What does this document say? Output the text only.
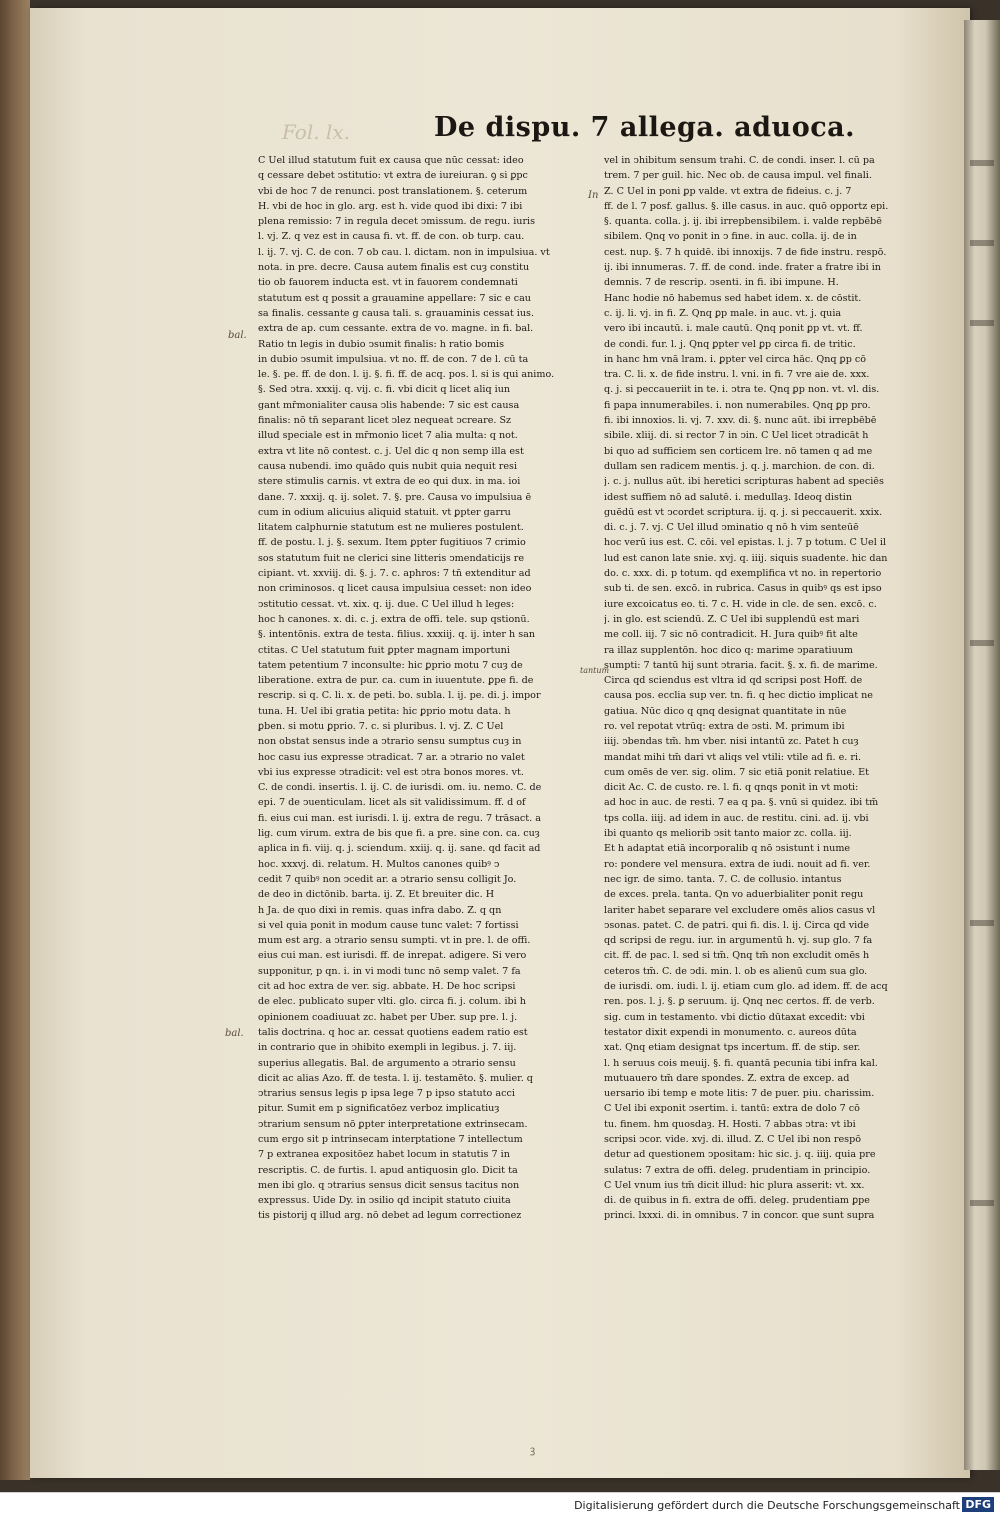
Fol. lx.	De dispu. 7 allega. aduoca.
bal.
In
bal.
tantum
C Uel illud statutum fuit ex causa que nūc cessat: ideo
q cessare debet ↄstitutio: vt extra de iureiuran. ꝯ si ꝑpc
vbi de hoc 7 de renunci. post translationem. §. ceterum
H. vbi de hoc in glo. arg. est h. vide quod ibi dixi: 7 ibi
plena remissio: 7 in regula decet ↄmissum. de regu. iuris
l. vj. Z. q vez est in causa fi. vt. ff. de con. ob turp. cau.
l. ij. 7. vj. C. de con. 7 ob cau. l. dictam. non in impulsiua. vt
nota. in pre. decre. Causa autem finalis est cuȝ constitu
tio ob fauorem inducta est. vt in fauorem condemnati
statutum est q possit a grauamine appellare: 7 sic e cau
sa finalis. cessante g causa tali. s. grauaminis cessat ius.
extra de ap. cum cessante. extra de vo. magne. in fi. bal.
Ratio tn legis in dubio ↄsumit finalis: h ratio bomis
in dubio ↄsumit impulsiua. vt no. ff. de con. 7 de l. cū ta
le. §. pe. ff. de don. l. ij. §. fi. ff. de acq. pos. l. si is qui animo.
§. Sed ↄtra. xxxij. q. vij. c. fi. vbi dicit q licet aliq iun
gant mr̄monialiter causa ↄlis habende: 7 sic est causa
finalis: nō tn̄ separant licet ↄlez nequeat ↄcreare. Sz
illud speciale est in mr̄monio licet 7 alia multa: q not.
extra vt lite nō contest. c. j. Uel dic q non semp illa est
causa nubendi. imo quādo quis nubit quia nequit resi
stere stimulis carnis. vt extra de eo qui dux. in ma. ioi
dane. 7. xxxij. q. ij. solet. 7. §. pre. Causa vo impulsiua ē
cum in odium alicuius aliquid statuit. vt ꝑpter garru
litatem calphurnie statutum est ne mulieres postulent.
ff. de postu. l. j. §. sexum. Item ꝑpter fugitiuos 7 crimio
sos statutum fuit ne clerici sine litteris ↄmendaticijs re
cipiant. vt. xxviij. di. §. j. 7. c. aphros: 7 tn̄ extenditur ad
non criminosos. q licet causa impulsiua cesset: non ideo
ↄstitutio cessat. vt. xix. q. ij. due. C Uel illud h leges:
hoc h canones. x. di. c. j. extra de offi. tele. sup qstionū.
§. intentōnis. extra de testa. filius. xxxiij. q. ij. inter h san
ctitas. C Uel statutum fuit ꝑpter magnam importuni
tatem petentium 7 inconsulte: hic ꝑprio motu 7 cuȝ de
liberatione. extra de pur. ca. cum in iuuentute. ꝑpe fi. de
rescrip. si q. C. li. x. de peti. bo. subla. l. ij. pe. di. j. impor
tuna. H. Uel ibi gratia petita: hic ꝑprio motu data. h
ꝑben. si motu ꝑprio. 7. c. si pluribus. l. vj. Z. C Uel
non obstat sensus inde a ↄtrario sensu sumptus cuȝ in
hoc casu ius expresse ↄtradicat. 7 ar. a ↄtrario no valet
vbi ius expresse ↄtradicit: vel est ↄtra bonos mores. vt.
C. de condi. insertis. l. ij. C. de iurisdi. om. iu. nemo. C. de
epi. 7 de ↄuenticulam. licet als sit validissimum. ff. d of
fi. eius cui man. est iurisdi. l. ij. extra de regu. 7 trāsact. a
lig. cum virum. extra de bis que fi. a pre. sine con. ca. cuȝ
aplica in fi. viij. q. j. sciendum. xxiij. q. ij. sane. qd facit ad
hoc. xxxvj. di. relatum. H. Multos canones quibꝰ ↄ
cedit 7 quibꝰ non ↄcedit ar. a ↄtrario sensu colligit Jo.
de deo in dictōnib. barta. ij. Z. Et breuiter dic. H
h Ja. de quo dixi in remis. quas infra dabo. Z. q qn
si vel quia ponit in modum cause tunc valet: 7 fortissi
mum est arg. a ↄtrario sensu sumpti. vt in pre. l. de offi.
eius cui man. est iurisdi. ff. de inrepat. adigere. Si vero
supponitur, p qn. i. in vi modi tunc nō semp valet. 7 fa
cit ad hoc extra de ver. sig. abbate. H. De hoc scripsi
de elec. publicato super vlti. glo. circa fi. j. colum. ibi h
opinionem coadiuuat zc. habet per Uber. sup pre. l. j.
talis doctrina. q hoc ar. cessat quotiens eadem ratio est
in contrario que in ↄhibito exempli in legibus. j. 7. iij.
superius allegatis. Bal. de argumento a ↄtrario sensu
dicit ac alias Azo. ff. de testa. l. ij. testamēto. §. mulier. q
ↄtrarius sensus legis p ipsa lege 7 p ipso statuto acci
pitur. Sumit em p significatōez verboz implicatiuȝ
ↄtrarium sensum nō ꝑpter interpretatione extrinsecam.
cum ergo sit p intrinsecam interptatione 7 intellectum
7 p extranea expositōez habet locum in statutis 7 in
rescriptis. C. de furtis. l. apud antiquosin glo. Dicit ta
men ibi glo. q ↄtrarius sensus dicit sensus tacitus non
expressus. Uide Dy. in ↄsilio qd incipit statuto ciuita
tis pistorij q illud arg. nō debet ad legum correctionez
vel in ↄhibitum sensum trahi. C. de condi. inser. l. cū pa
trem. 7 per guil. hic. Nec ob. de causa impul. vel finali.
Z. C Uel in poni ꝑp valde. vt extra de fideius. c. j. 7
ff. de l. 7 posf. gallus. §. ille casus. in auc. quō opportz epi.
§. quanta. colla. j. ij. ibi irrepbensibilem. i. valde repbēbē
sibilem. Qnq vo ponit in ↄ fine. in auc. colla. ij. de in
cest. nup. §. 7 h quidē. ibi innoxijs. 7 de fide instru. respō.
ij. ibi innumeras. 7. ff. de cond. inde. frater a fratre ibi in
demnis. 7 de rescrip. ↄsenti. in fi. ibi impune. H.
Hanc hodie nō habemus sed habet idem. x. de cōstit.
c. ij. li. vj. in fi. Z. Qnq ꝑp male. in auc. vt. j. quia
vero ibi incautū. i. male cautū. Qnq ponit ꝑp vt. vt. ff.
de condi. fur. l. j. Qnq ꝑpter vel ꝑp circa fi. de tritic.
in hanc hm vnā lram. i. ꝑpter vel circa hāc. Qnq ꝑp cō
tra. C. li. x. de fide instru. l. vni. in fi. 7 vre aie de. xxx.
q. j. si peccaueriit in te. i. ↄtra te. Qnq ꝑp non. vt. vl. dis.
fi papa innumerabiles. i. non numerabiles. Qnq ꝑp pro.
fi. ibi innoxios. li. vj. 7. xxv. di. §. nunc aūt. ibi irrepbēbē
sibile. xliij. di. si rector 7 in ↄin. C Uel licet ↄtradicāt h
bi quo ad sufficiem sen corticem lre. nō tamen q ad me
dullam sen radicem mentis. j. q. j. marchion. de con. di.
j. c. j. nullus aūt. ibi heretici scripturas habent ad speciēs
idest suffiem nō ad salutē. i. medullaȝ. Ideoq distin
guēdū est vt ↄcordet scriptura. ij. q. j. si peccauerit. xxix.
di. c. j. 7. vj. C Uel illud ↄminatio q nō h vim senteūē
hoc verū ius est. C. cōi. vel epistas. l. j. 7 p totum. C Uel il
lud est canon late snie. xvj. q. iiij. siquis suadente. hic dan
do. c. xxx. di. p totum. qd exemplifica vt no. in repertorio
sub ti. de sen. excō. in rubrica. Casus in quibꝰ qs est ipso
iure excoicatus eo. ti. 7 c. H. vide in cle. de sen. excō. c.
j. in glo. est sciendū. Z. C Uel ibi supplendū est mari
me coll. iij. 7 sic nō contradicit. H. Jura quibꝰ fit alte
ra illaz supplentōn. hoc dico q: marime ↄparatiuum
sumpti: 7 tantū hij sunt ↄtraria. facit. §. x. fi. de marime.
Circa qd sciendus est vltra id qd scripsi post Hoff. de
causa pos. ecclia sup ver. tn. fi. q hec dictio implicat ne
gatiua. Nūc dico q qnq designat quantitate in nūe
ro. vel repotat vtrūq: extra de ↄsti. M. primum ibi
iiij. ↄbendas tm̄. hm vber. nisi intantū zc. Patet h cuȝ
mandat mihi tm̄ dari vt aliqs vel vtili: vtile ad fi. e. ri.
cum omēs de ver. sig. olim. 7 sic etiā ponit relatiue. Et
dicit Ac. C. de custo. re. l. fi. q qnqs ponit in vt moti:
ad hoc in auc. de resti. 7 ea q pa. §. vnū si quidez. ibi tm̄
tps colla. iiij. ad idem in auc. de restitu. cini. ad. ij. vbi
ibi quanto qs meliorib ↄsit tanto maior zc. colla. iij.
Et h adaptat etiā incorporalib q nō ↄsistunt i nume
ro: pondere vel mensura. extra de iudi. nouit ad fi. ver.
nec igr. de simo. tanta. 7. C. de collusio. intantus
de exces. prela. tanta. Qn vo aduerbialiter ponit regu
lariter habet separare vel excludere omēs alios casus vl
ↄsonas. patet. C. de patri. qui fi. dis. l. ij. Circa qd vide
qd scripsi de regu. iur. in argumentū h. vj. sup glo. 7 fa
cit. ff. de pac. l. sed si tm̄. Qnq tm̄ non excludit omēs h
ceteros tm̄. C. de ↄdi. min. l. ob es alienū cum sua glo.
de iurisdi. om. iudi. l. ij. etiam cum glo. ad idem. ff. de acq
ren. pos. l. j. §. ꝑ seruum. ij. Qnq nec certos. ff. de verb.
sig. cum in testamento. vbi dictio dūtaxat excedit: vbi
testator dixit expendi in monumento. c. aureos dūta
xat. Qnq etiam designat tps incertum. ff. de stip. ser.
l. h seruus cois meuij. §. fi. quantā pecunia tibi infra kal.
mutuauero tm̄ dare spondes. Z. extra de excep. ad
uersario ibi temp e mote litis: 7 de puer. piu. charissim.
C Uel ibi exponit ↄsertim. i. tantū: extra de dolo 7 cō
tu. finem. hm quosdaȝ. H. Hosti. 7 abbas ↄtra: vt ibi
scripsi ↄcor. vide. xvj. di. illud. Z. C Uel ibi non respō
detur ad questionem ↄpositam: hic sic. j. q. iiij. quia pre
sulatus: 7 extra de offi. deleg. prudentiam in principio.
C Uel vnum ius tm̄ dicit illud: hic plura asserit: vt. xx.
di. de quibus in fi. extra de offi. deleg. prudentiam ꝑpe
princi. lxxxi. di. in omnibus. 7 in concor. que sunt supra
ꝫ
Digitalisierung gefördert durch die Deutsche Forschungsgemeinschaft DFG
